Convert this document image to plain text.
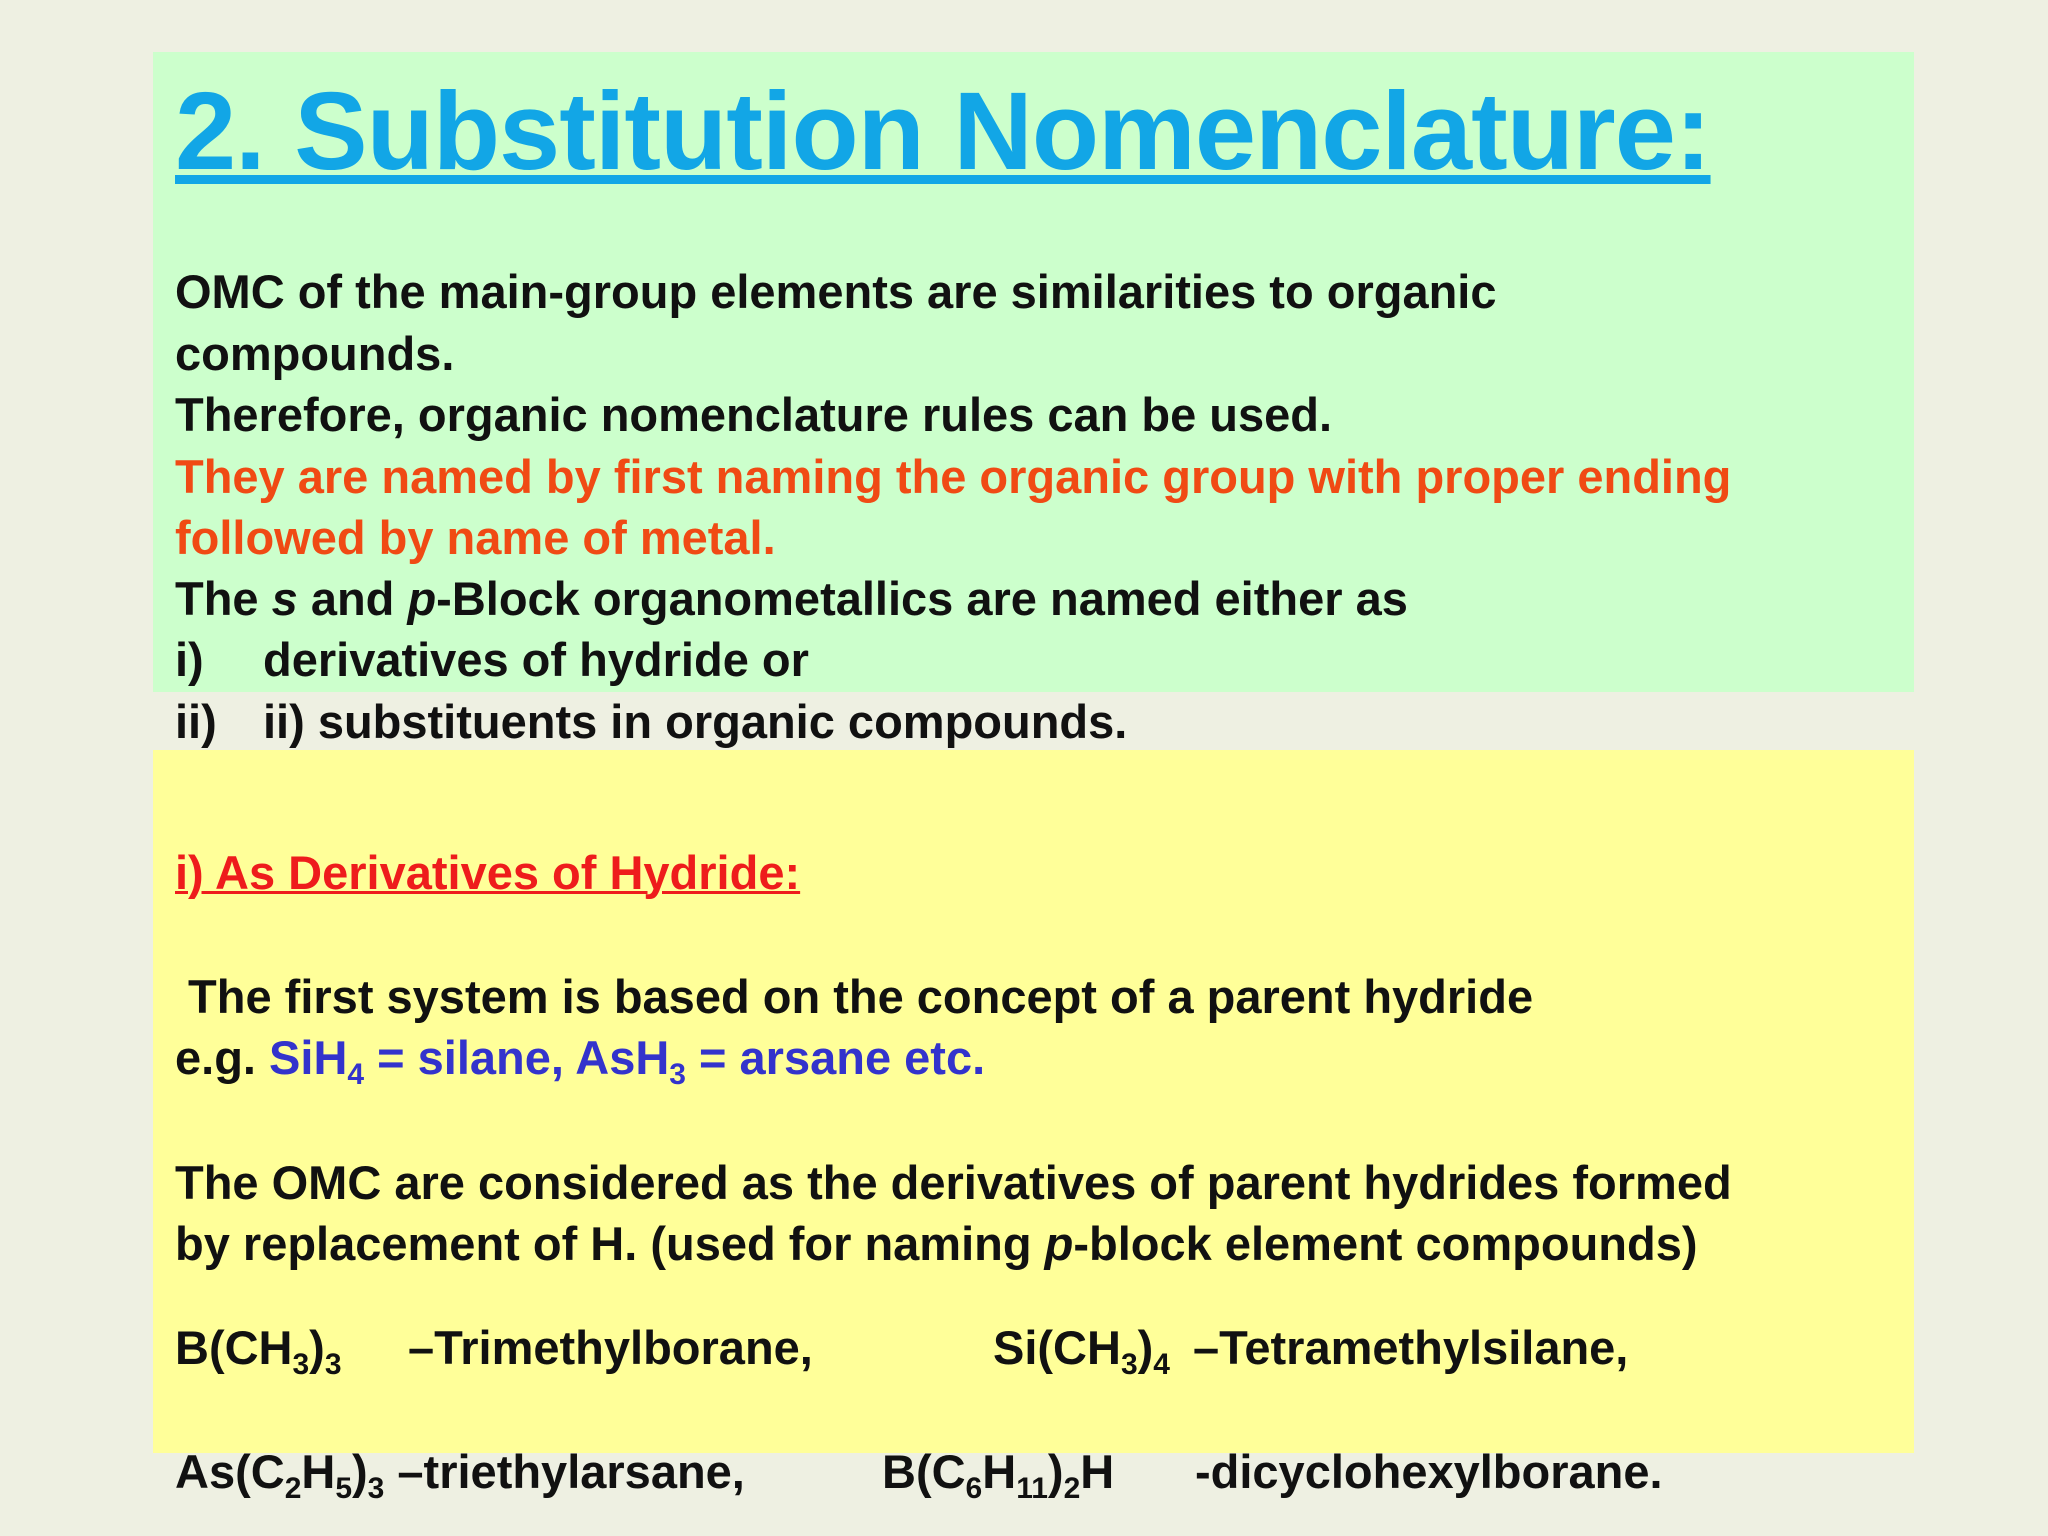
2. Substitution Nomenclature:
OMC of the main-group elements are similarities to organic
compounds.
Therefore, organic nomenclature rules can be used.
They are named by first naming the organic group with proper ending
followed by name of metal.
The s and p-Block organometallics are named either as
i) derivatives of hydride or
ii) ii) substituents in organic compounds.
i) As Derivatives of Hydride:
The first system is based on the concept of a parent hydride
e.g. SiH$_4$ = silane, AsH$_3$ = arsane etc.
The OMC are considered as the derivatives of parent hydrides formed
by replacement of H. (used for naming p-block element compounds)
$B(CH_3)_3$ –Trimethylborane,	$Si(CH_3)_4$ –Tetramethylsilane,
$As(C_2H_5)_3$ –triethylarsane,	$B(C_6H_{11})_2H$ -dicyclohexylborane.
